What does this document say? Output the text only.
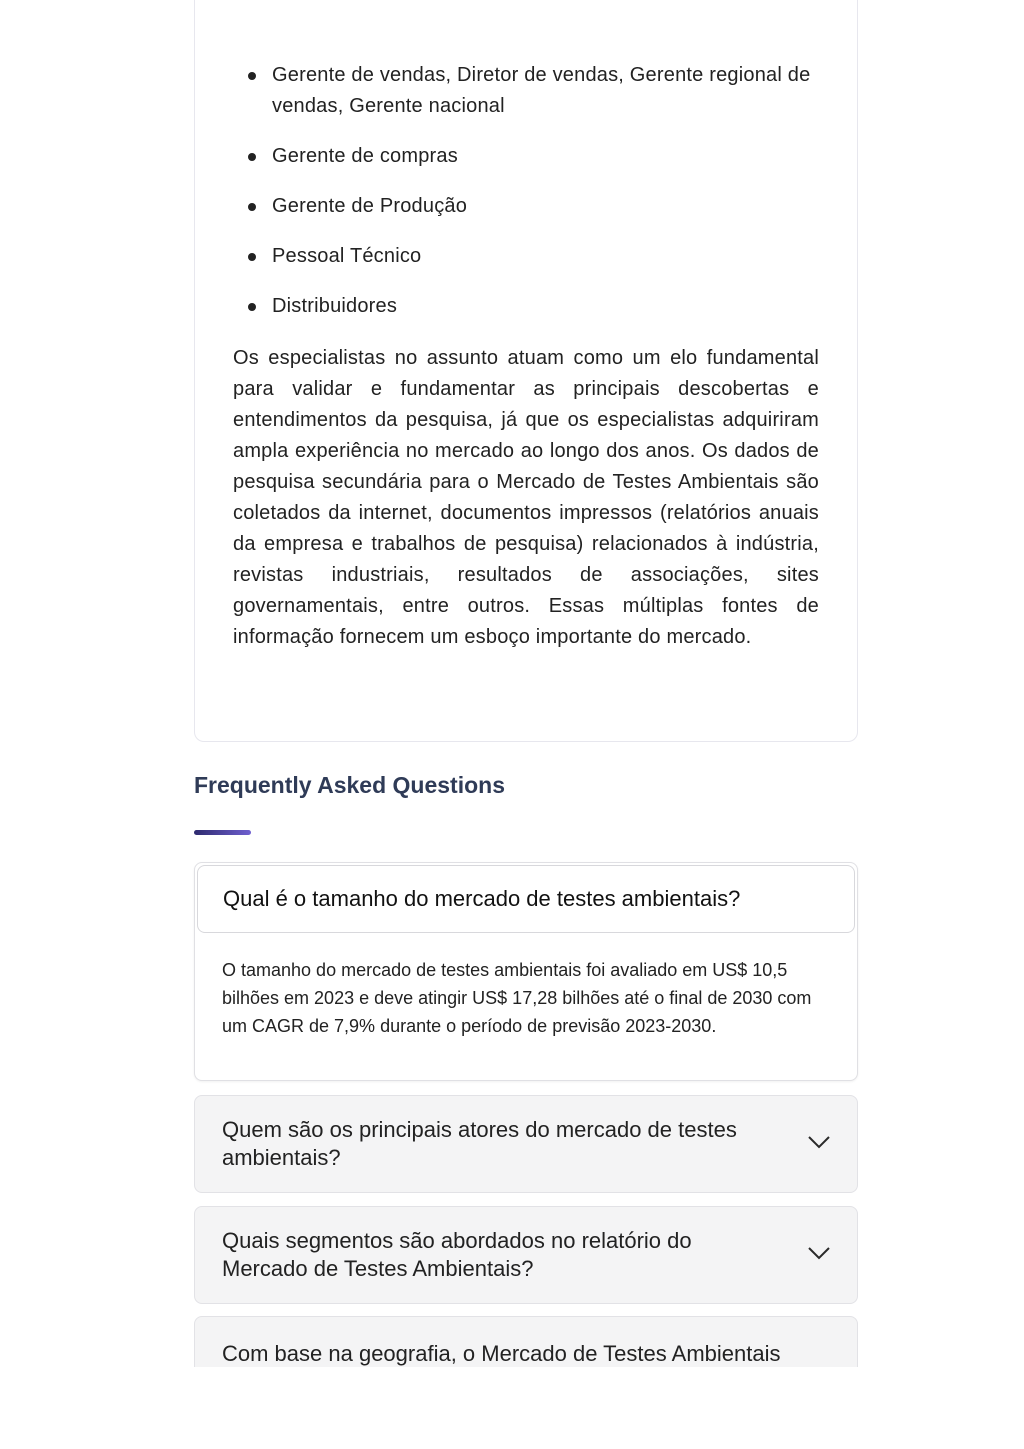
Gerente de vendas, Diretor de vendas, Gerente regional de vendas, Gerente nacional
Gerente de compras
Gerente de Produção
Pessoal Técnico
Distribuidores

Os especialistas no assunto atuam como um elo fundamental para validar e fundamentar as principais descobertas e entendimentos da pesquisa, já que os especialistas adquiriram ampla experiência no mercado ao longo dos anos. Os dados de pesquisa secundária para o Mercado de Testes Ambientais são coletados da internet, documentos impressos (relatórios anuais da empresa e trabalhos de pesquisa) relacionados à indústria, revistas industriais, resultados de associações, sites governamentais, entre outros. Essas múltiplas fontes de informação fornecem um esboço importante do mercado.

Frequently Asked Questions
Qual é o tamanho do mercado de testes ambientais?

O tamanho do mercado de testes ambientais foi avaliado em US$ 10,5 bilhões em 2023 e deve atingir US$ 17,28 bilhões até o final de 2030 com um CAGR de 7,9% durante o período de previsão 2023-2030.

Quem são os principais atores do mercado de testes ambientais?
Quais segmentos são abordados no relatório do Mercado de Testes Ambientais?
Com base na geografia, o Mercado de Testes Ambientais
